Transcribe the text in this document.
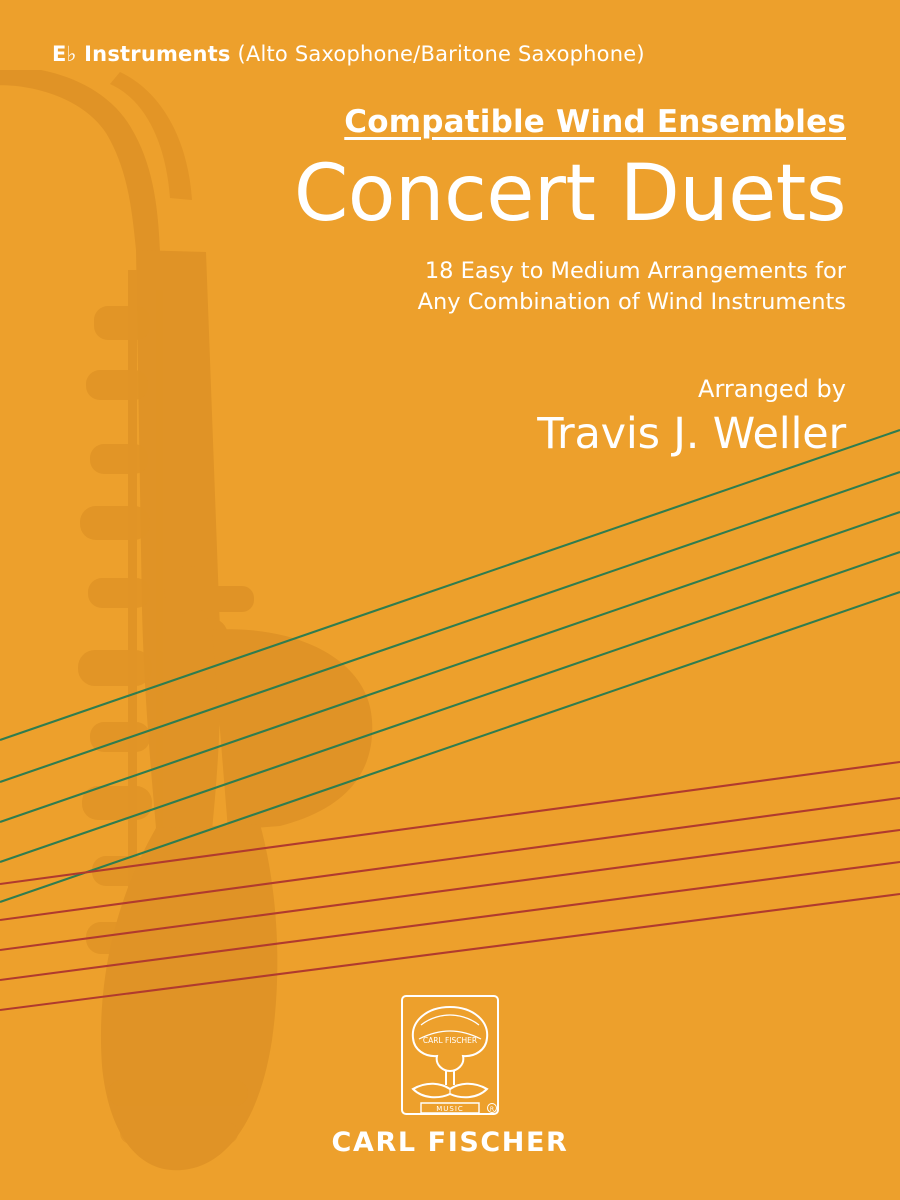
E♭ Instruments (Alto Saxophone/Baritone Saxophone)
Compatible Wind Ensembles
Concert Duets
18 Easy to Medium Arrangements for
Any Combination of Wind Instruments
Arranged by
Travis J. Weller
CARL FISCHER
MUSIC	R
CARL FISCHER
